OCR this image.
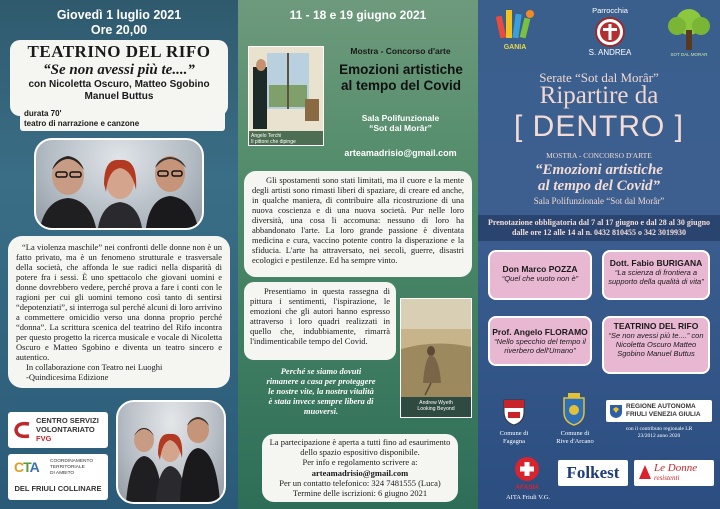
Giovedì 1 luglio 2021
Ore 20,00
TEATRINO DEL RIFO
“Se non avessi più te....”
con Nicoletta Oscuro, Matteo Sgobino
Manuel Buttus
durata 70'
teatro di narrazione e canzone

“La violenza maschile” nei confronti delle donne non è un fatto privato, ma è un fenomeno strutturale e trasversale della società, che affonda le sue radici nella disparità di potere fra i sessi. È uno spettacolo che giovani uomini e donne dovrebbero vedere, perché prova a fare i conti con le ragioni per cui gli uomini temono così tanto di sentirsi “depotenziati”, si interroga sul perché alcuni di loro arrivino a commettere omicidio verso una donna proprio perché “donna”. La scrittura scenica del teatrino del Rifo incontra per questo progetto la ricerca musicale e vocale di Nicoletta Oscuro e Matteo Sgobino e diventa un teatro sincero e autentico.

In collaborazione con Teatro nei Luoghi

-Quindicesima Edizione

CENTRO SERVIZI
VOLONTARIATO FVG
CTA COORDINAMENTO
TERRITORIALE
DI AMBITO
DEL FRIULI COLLINARE
11 - 18 e 19 giugno 2021
Angelo Terchi
Il pittore che dipinge
Mostra - Concorso d'arte
Emozioni artistiche
al tempo del Covid
Sala Polifunzionale
“Sot dal Morâr”
arteamadrisio@gmail.com

Gli spostamenti sono stati limitati, ma il cuore e la mente degli artisti sono rimasti liberi di spaziare, di creare ed anche, in qualche maniera, di contribuire alla ricostruzione di una nuova coscienza e di una nuova società. Pur nelle loro diversità, una cosa li accomuna: nessuno di loro ha abbandonato l'arte. La loro grande passione è diventata medicina e cura, vaccino potente contro la disperazione e la sfiducia. L'arte ha attraversato, nei secoli, guerre, disastri ecologici e pestilenze. Ed ha sempre vinto.

Presentiamo in questa rassegna di pittura i sentimenti, l'ispirazione, le emozioni che gli autori hanno espresso attraverso i loro quadri realizzati in quello che, indubbiamente, rimarrà l'indimenticabile tempo del Covid.

Andrew Wyeth
Looking Beyond
Perché se siamo dovuti rimanere a casa per proteggere le nostre vite, la nostra vitalità è stata invece sempre libera di muoversi.
La partecipazione è aperta a tutti fino ad esaurimento dello spazio espositivo disponibile.
Per info e regolamento scrivere a:
arteamadrisio@gmail.com
Per un contatto telefonico: 324 7481555 (Luca)
Termine delle iscrizioni: 6 giugno 2021
GANIA
Parrocchia
S. ANDREA	SOT DAL MORAR
Serate “Sot dal Morâr”
Ripartire da
[ DENTRO ]
MOSTRA - CONCORSO D'ARTE
“Emozioni artistiche
al tempo del Covid”
Sala Polifunzionale “Sot dal Morâr”
Prenotazione obbligatoria dal 7 al 17 giugno e dal 28 al 30 giugno dalle ore 12 alle 14 al n. 0432 810455 o 342 3019930
Don Marco POZZA
“Quel che vuoto non è”
Dott. Fabio BURIGANA
“La scienza di frontiera a supporto della qualità di vita”
Prof. Angelo FLORAMO
“Nello specchio del tempo il riverbero dell'Umano”
TEATRINO DEL RIFO
“Se non avessi più te....” con Nicoletta Oscuro Matteo Sgobino Manuel Buttus
Comune di
Fagagna
Comune di
Rive d'Arcano
REGIONE AUTONOMA
FRIULI VENEZIA GIULIA
con il contributo regionale LR
23/2012 anno 2020
AFASIA
AITA Friuli V.G.
Folkest	Le Donne
resistenti
